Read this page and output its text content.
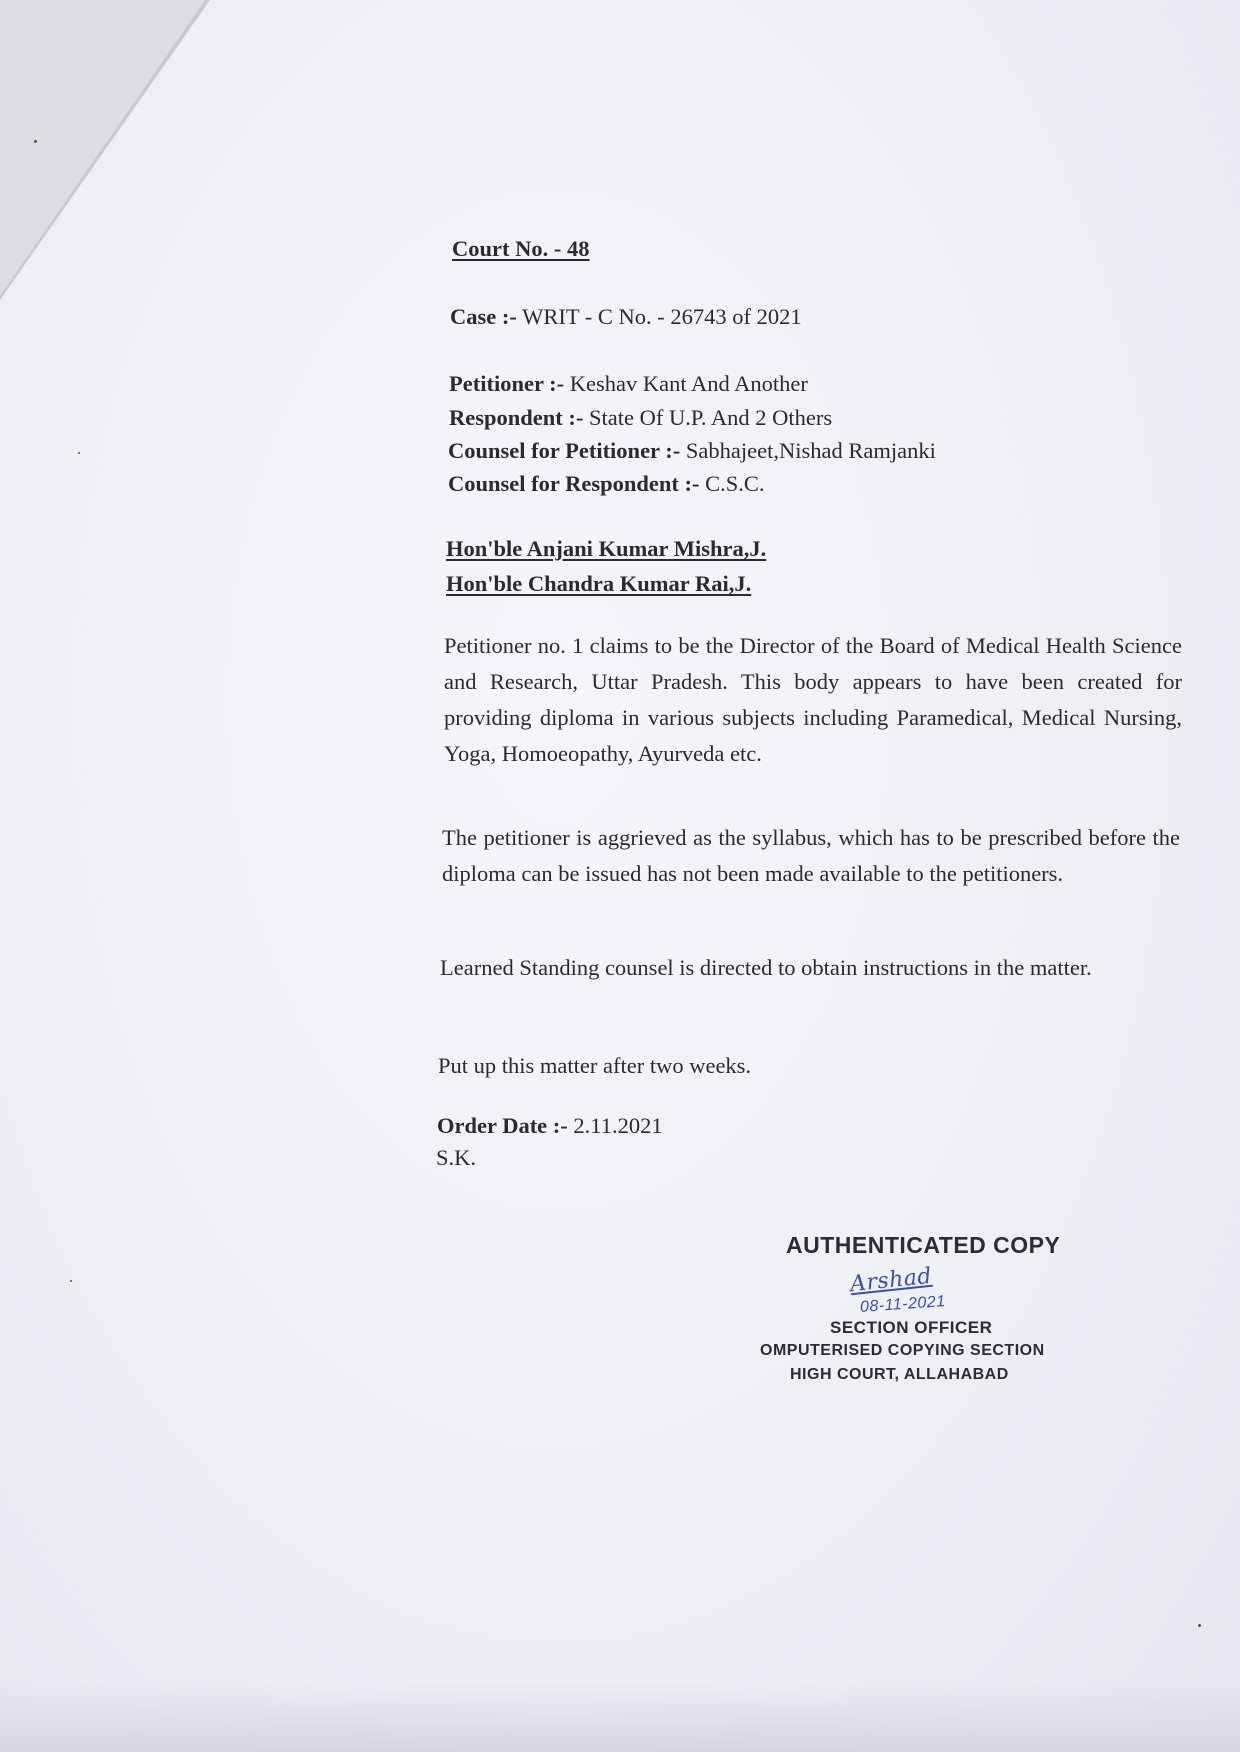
Court No. - 48
Case :- WRIT - C No. - 26743 of 2021
Petitioner :- Keshav Kant And Another
Respondent :- State Of U.P. And 2 Others
Counsel for Petitioner :- Sabhajeet,Nishad Ramjanki
Counsel for Respondent :- C.S.C.
Hon'ble Anjani Kumar Mishra,J.
Hon'ble Chandra Kumar Rai,J.
Petitioner no. 1 claims to be the Director of the Board of Medical Health Science and Research, Uttar Pradesh. This body appears to have been created for providing diploma in various subjects including Paramedical, Medical Nursing, Yoga, Homoeopathy, Ayurveda etc.
The petitioner is aggrieved as the syllabus, which has to be prescribed before the diploma can be issued has not been made available to the petitioners.
Learned Standing counsel is directed to obtain instructions in the matter.
Put up this matter after two weeks.
Order Date :- 2.11.2021
S.K.
AUTHENTICATED COPY
Arshad
08-11-2021
SECTION OFFICER
OMPUTERISED COPYING SECTION
HIGH COURT, ALLAHABAD
